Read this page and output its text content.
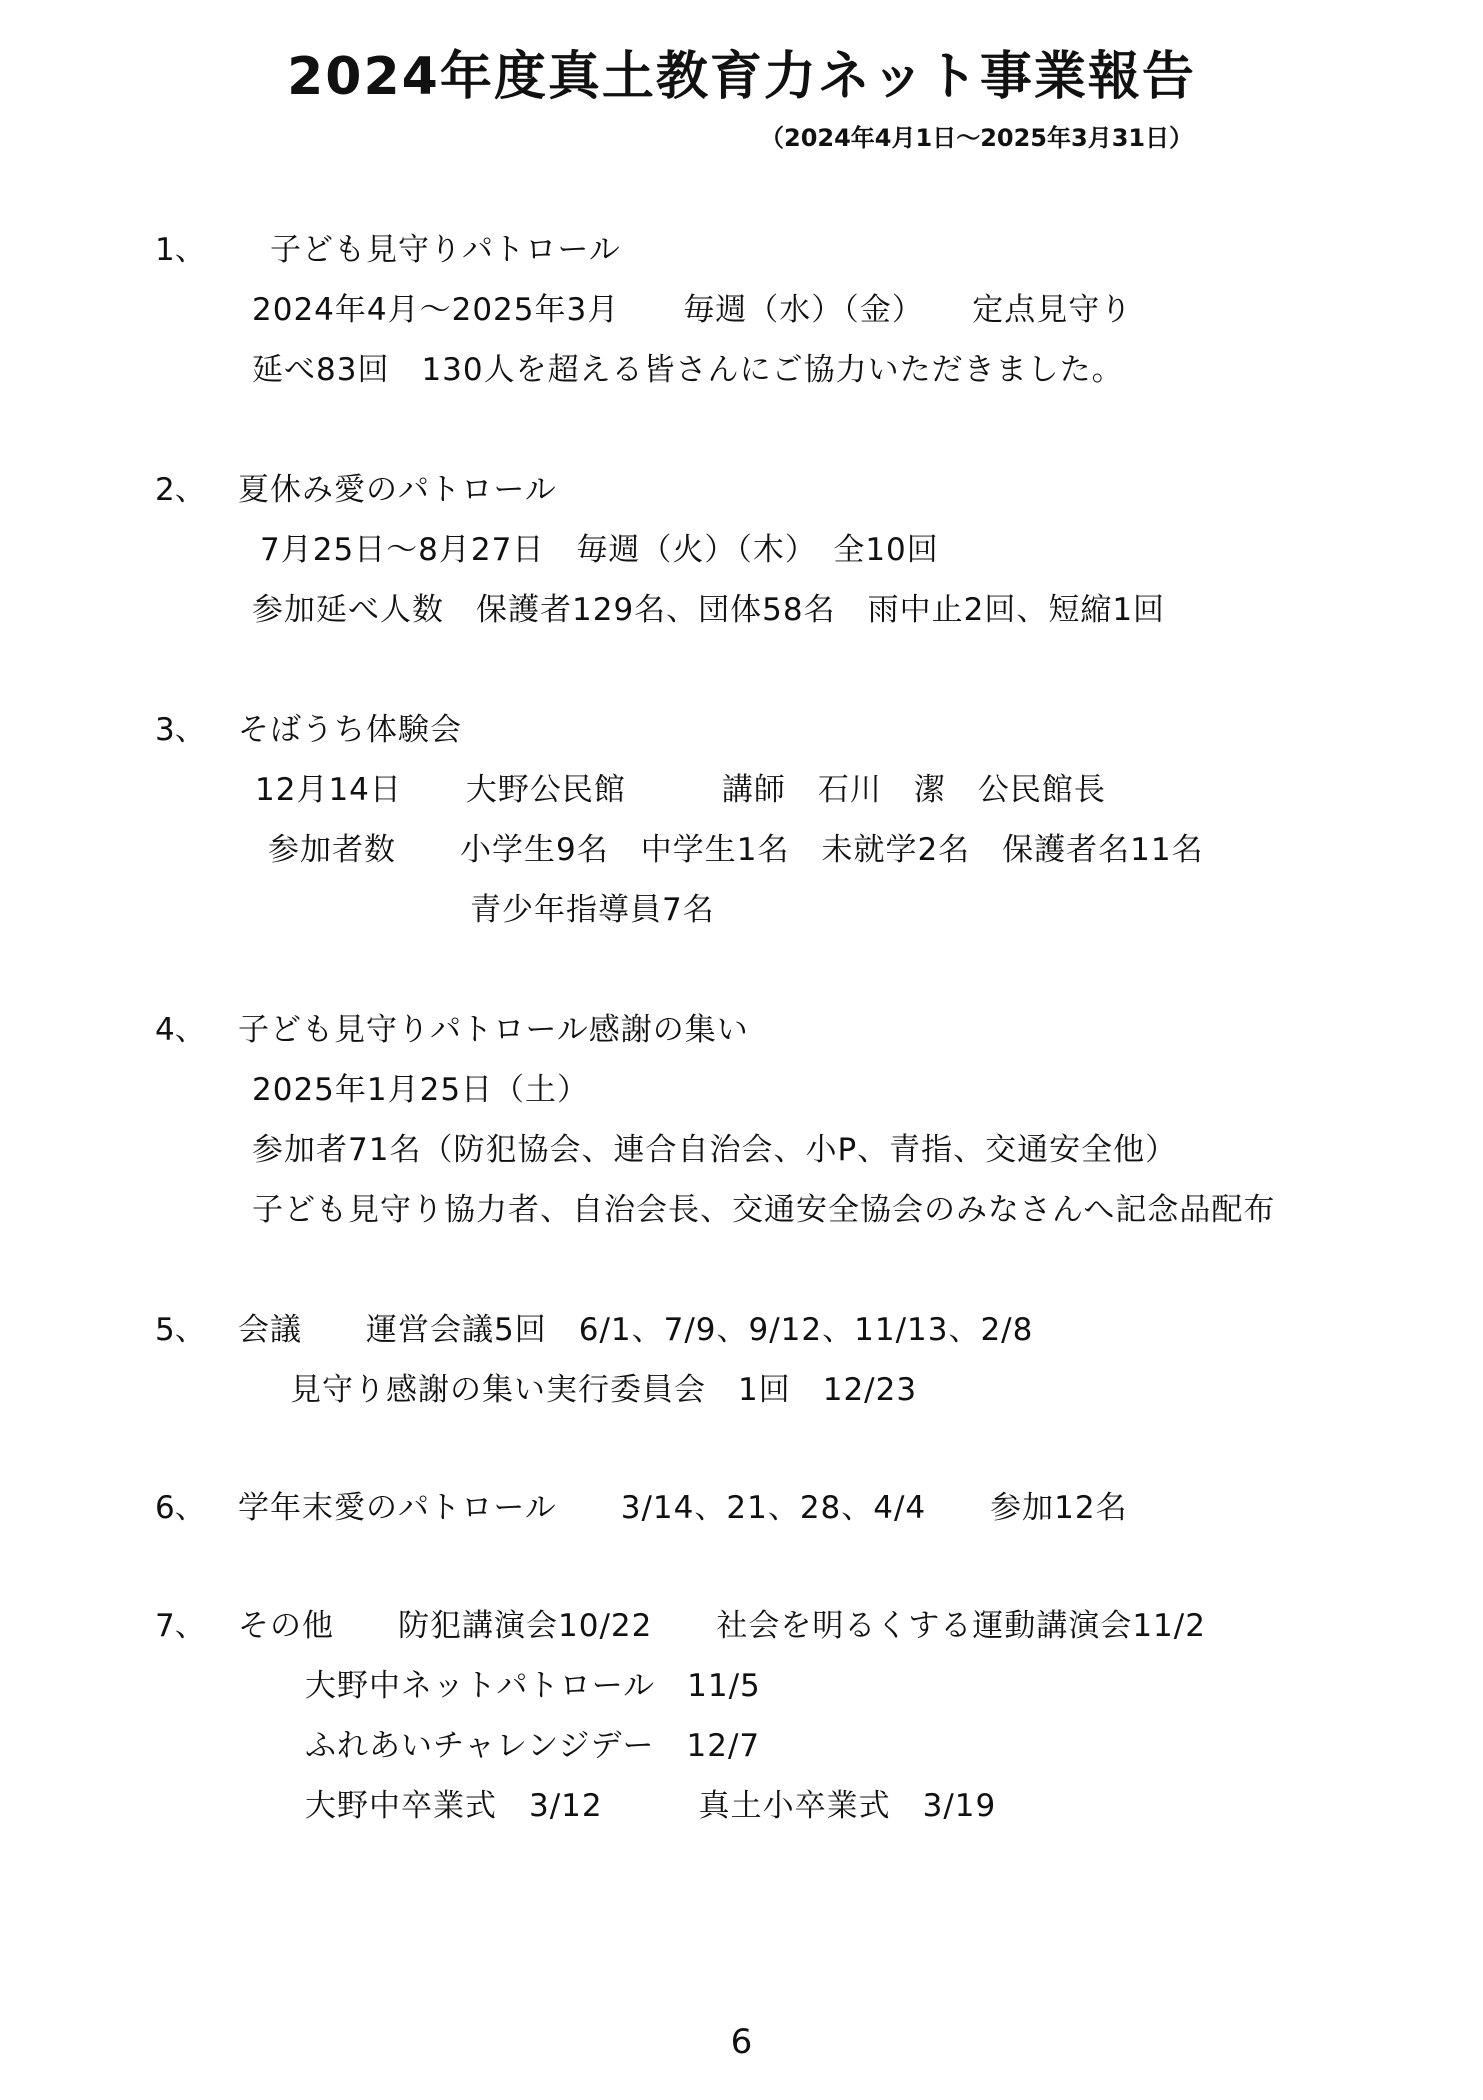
2024年度真土教育力ネット事業報告
（2024年4月1日～2025年3月31日）
1、 子ども見守りパトロール
2024年4月～2025年3月　　毎週（水）（金）　　定点見守り
延べ83回　130人を超える皆さんにご協力いただきました。
2、 夏休み愛のパトロール
7月25日～8月27日　毎週（火）（木）　全10回
参加延べ人数　保護者129名、団体58名　雨中止2回、短縮1回
3、 そばうち体験会
12月14日　　大野公民館　　　講師　石川　潔　公民館長
参加者数　　小学生9名　中学生1名　未就学2名　保護者名11名
青少年指導員7名
4、 子ども見守りパトロール感謝の集い
2025年1月25日（土）
参加者71名（防犯協会、連合自治会、小P、青指、交通安全他）
子ども見守り協力者、自治会長、交通安全協会のみなさんへ記念品配布
5、 会議　　運営会議5回　6/1、7/9、9/12、11/13、2/8
見守り感謝の集い実行委員会　1回　12/23
6、 学年末愛のパトロール　　3/14、21、28、4/4　　参加12名
7、 その他　　防犯講演会10/22　　社会を明るくする運動講演会11/2
大野中ネットパトロール　11/5
ふれあいチャレンジデー　12/7
大野中卒業式　3/12　　　真土小卒業式　3/19
6
